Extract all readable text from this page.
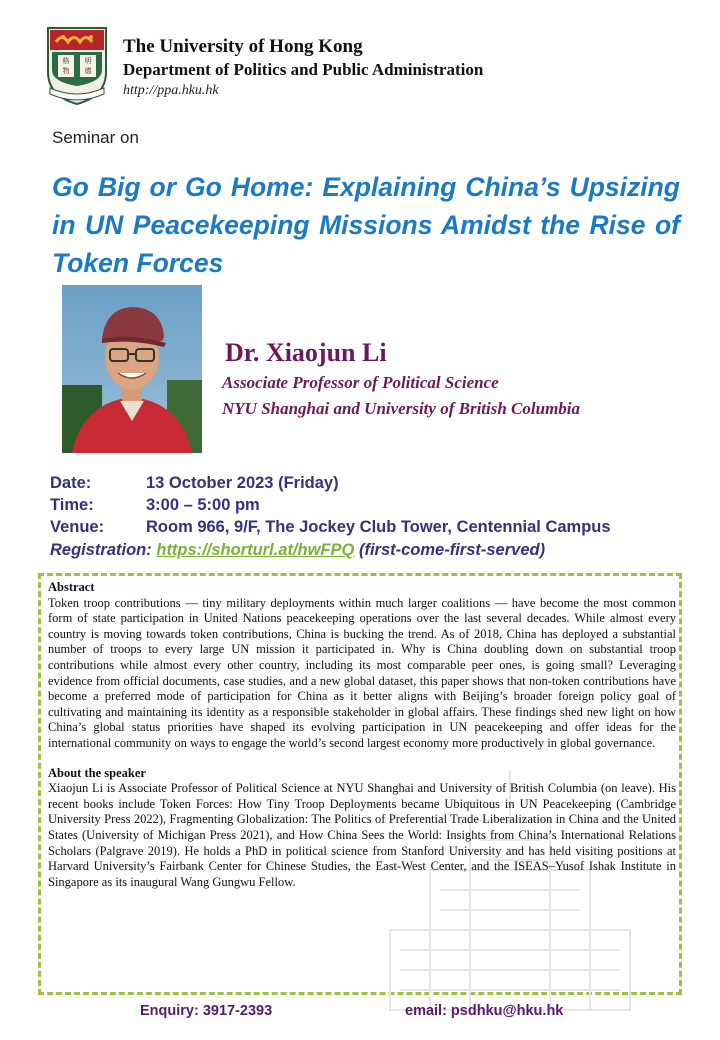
格
物
明
德
The University of Hong Kong
Department of Politics and Public Administration
http://ppa.hku.hk
Seminar on
Go Big or Go Home: Explaining China’s Upsizing in UN Peacekeeping Missions Amidst the Rise of Token Forces
Dr. Xiaojun Li
Associate Professor of Political Science
NYU Shanghai and University of British Columbia
Date:	13 October 2023 (Friday)
Time:	3:00 – 5:00 pm
Venue:	Room 966, 9/F, The Jockey Club Tower, Centennial Campus
Registration: https://shorturl.at/hwFPQ (first-come-first-served)

Abstract

Token troop contributions — tiny military deployments within much larger coalitions — have become the most common form of state participation in United Nations peacekeeping operations over the last several decades. While almost every country is moving towards token contributions, China is bucking the trend. As of 2018, China has deployed a substantial number of troops to every large UN mission it participated in. Why is China doubling down on substantial troop contributions while almost every other country, including its most comparable peer ones, is going small? Leveraging evidence from official documents, case studies, and a new global dataset, this paper shows that non-token contributions have become a preferred mode of participation for China as it better aligns with Beijing’s broader foreign policy goal of cultivating and maintaining its identity as a responsible stakeholder in global affairs. These findings shed new light on how China’s global status priorities have shaped its evolving participation in UN peacekeeping and offer ideas for the international community on ways to engage the world’s second largest economy more productively in global governance.

About the speaker

Xiaojun Li is Associate Professor of Political Science at NYU Shanghai and University of British Columbia (on leave). His recent books include Token Forces: How Tiny Troop Deployments became Ubiquitous in UN Peacekeeping (Cambridge University Press 2022), Fragmenting Globalization: The Politics of Preferential Trade Liberalization in China and the United States (University of Michigan Press 2021), and How China Sees the World: Insights from China’s International Relations Scholars (Palgrave 2019). He holds a PhD in political science from Stanford University and has held visiting positions at Harvard University’s Fairbank Center for Chinese Studies, the East-West Center, and the ISEAS–Yusof Ishak Institute in Singapore as its inaugural Wang Gungwu Fellow.

Enquiry: 3917-2393	email: psdhku@hku.hk
